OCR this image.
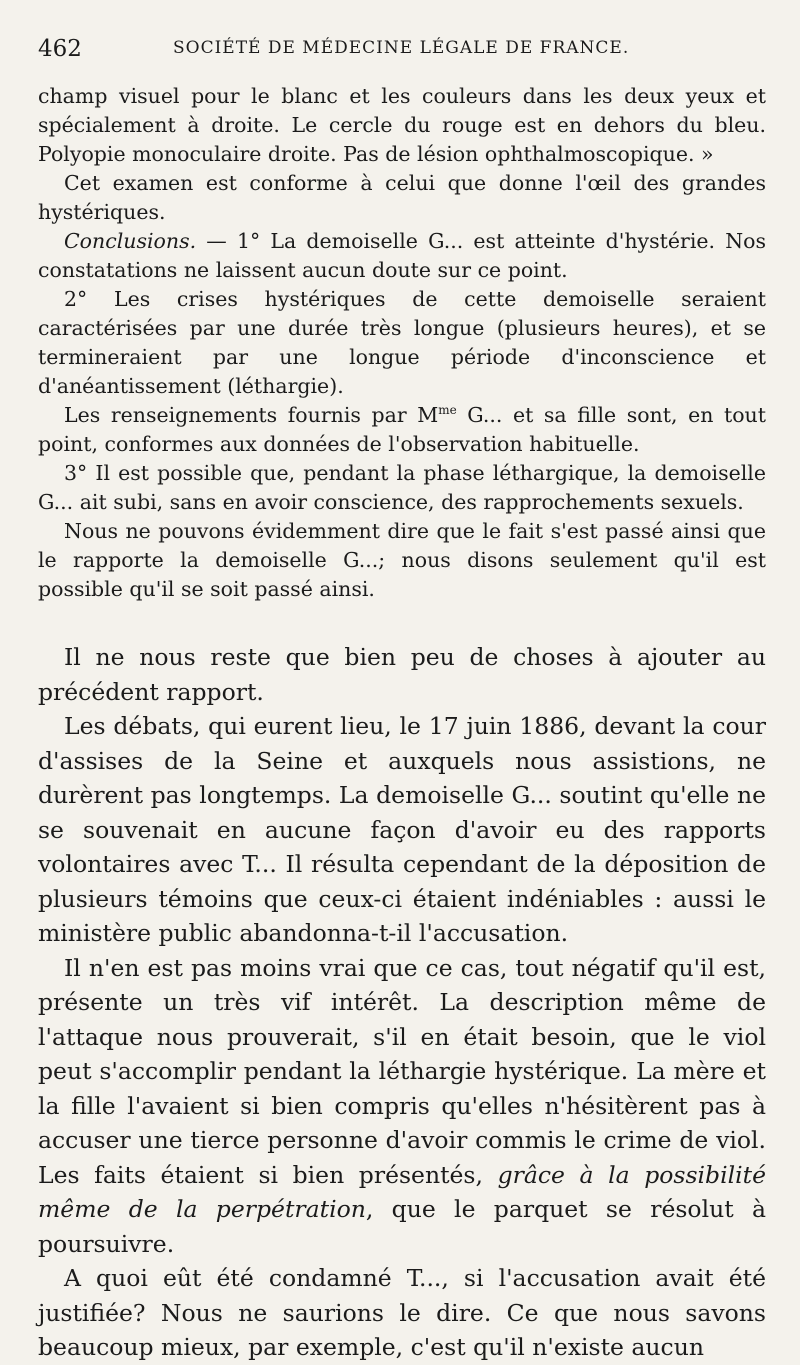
462	SOCIÉTÉ DE MÉDECINE LÉGALE DE FRANCE.

champ visuel pour le blanc et les couleurs dans les deux yeux et spécialement à droite. Le cercle du rouge est en dehors du bleu. Polyopie monoculaire droite. Pas de lésion ophthalmoscopique. »

Cet examen est conforme à celui que donne l'œil des grandes hystériques.

Conclusions. — 1° La demoiselle G... est atteinte d'hystérie. Nos constatations ne laissent aucun doute sur ce point.

2° Les crises hystériques de cette demoiselle seraient caractérisées par une durée très longue (plusieurs heures), et se termineraient par une longue période d'inconscience et d'anéantissement (léthargie).

Les renseignements fournis par $M^{me}$ G... et sa fille sont, en tout point, conformes aux données de l'observation habituelle.

3° Il est possible que, pendant la phase léthargique, la demoiselle G... ait subi, sans en avoir conscience, des rapprochements sexuels.

Nous ne pouvons évidemment dire que le fait s'est passé ainsi que le rapporte la demoiselle G...; nous disons seulement qu'il est possible qu'il se soit passé ainsi.

Il ne nous reste que bien peu de choses à ajouter au précédent rapport.

Les débats, qui eurent lieu, le 17 juin 1886, devant la cour d'assises de la Seine et auxquels nous assistions, ne durèrent pas longtemps. La demoiselle G... soutint qu'elle ne se souvenait en aucune façon d'avoir eu des rapports volontaires avec T... Il résulta cependant de la déposition de plusieurs témoins que ceux-ci étaient indéniables : aussi le ministère public abandonna-t-il l'accusation.

Il n'en est pas moins vrai que ce cas, tout négatif qu'il est, présente un très vif intérêt. La description même de l'attaque nous prouverait, s'il en était besoin, que le viol peut s'accomplir pendant la léthargie hystérique. La mère et la fille l'avaient si bien compris qu'elles n'hésitèrent pas à accuser une tierce personne d'avoir commis le crime de viol. Les faits étaient si bien présentés, grâce à la possibilité même de la perpétration, que le parquet se résolut à poursuivre.

A quoi eût été condamné T..., si l'accusation avait été justifiée? Nous ne saurions le dire. Ce que nous savons beaucoup mieux, par exemple, c'est qu'il n'existe aucun
